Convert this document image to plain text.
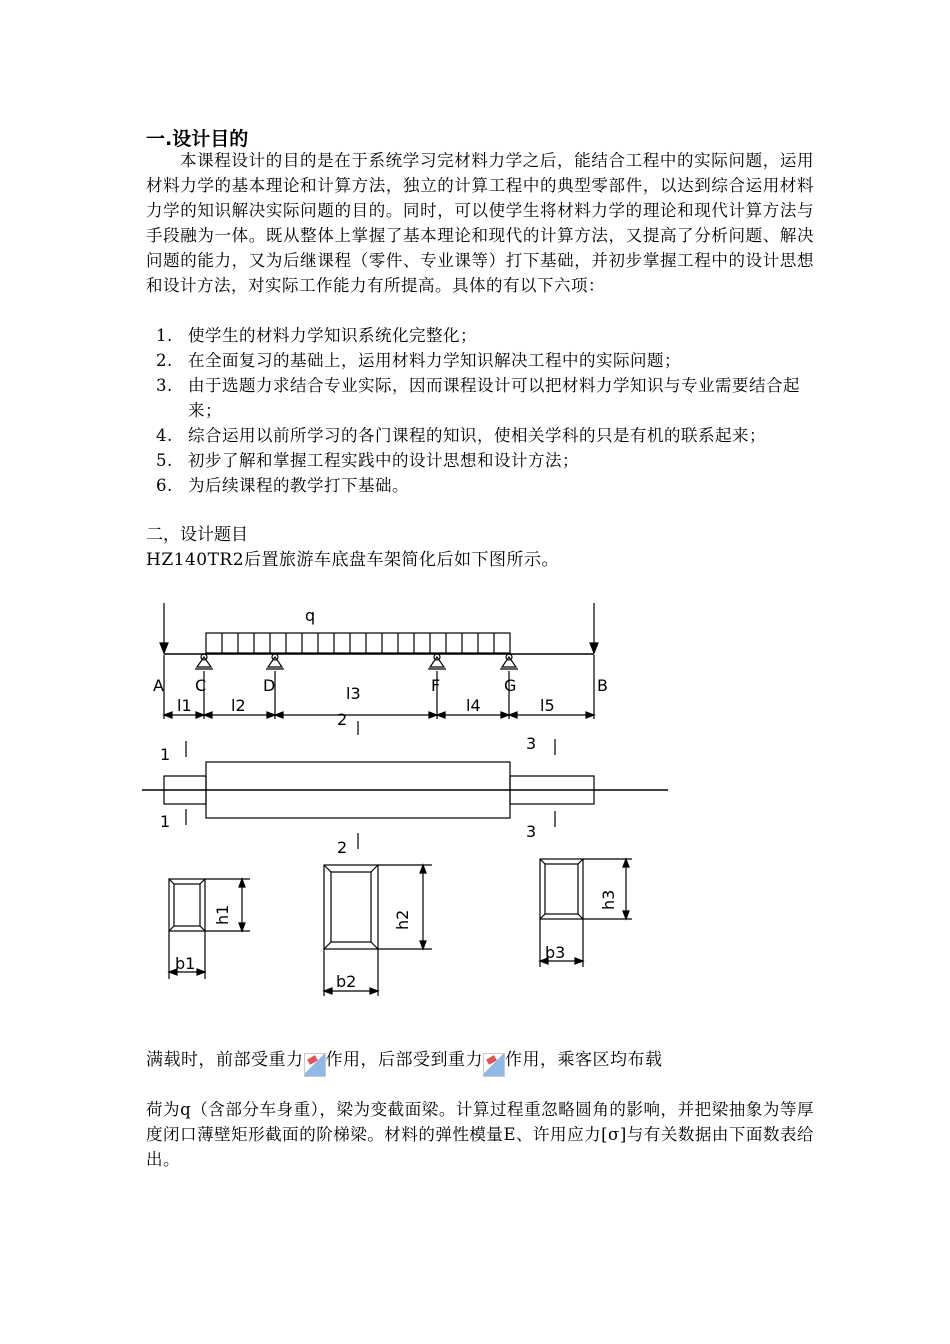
一.设计目的

本课程设计的目的是在于系统学习完材料力学之后，能结合工程中的实际问题，运用材料力学的基本理论和计算方法，独立的计算工程中的典型零部件，以达到综合运用材料力学的知识解决实际问题的目的。同时，可以使学生将材料力学的理论和现代计算方法与手段融为一体。既从整体上掌握了基本理论和现代的计算方法，又提高了分析问题、解决问题的能力，又为后继课程（零件、专业课等）打下基础，并初步掌握工程中的设计思想和设计方法，对实际工作能力有所提高。具体的有以下六项：

1. 使学生的材料力学知识系统化完整化；
2. 在全面复习的基础上，运用材料力学知识解决工程中的实际问题；
3. 由于选题力求结合专业实际，因而课程设计可以把材料力学知识与专业需要结合起来；
4. 综合运用以前所学习的各门课程的知识，使相关学科的只是有机的联系起来；
5. 初步了解和掌握工程实践中的设计思想和设计方法；
6. 为后续课程的教学打下基础。
二，设计题目
HZ140TR2后置旅游车底盘车架简化后如下图所示。
q
A C	D	F	G	B
l1 l2
l3
l4	l5
1
1
2
2
3
3
h1	h2
h3
b1
b2
b3
满载时，前部受重力 作用，后部受到重力 作用，乘客区均布载

荷为q（含部分车身重），梁为变截面梁。计算过程重忽略圆角的影响，并把梁抽象为等厚度闭口薄壁矩形截面的阶梯梁。材料的弹性模量E、许用应力[σ]与有关数据由下面数表给出。
